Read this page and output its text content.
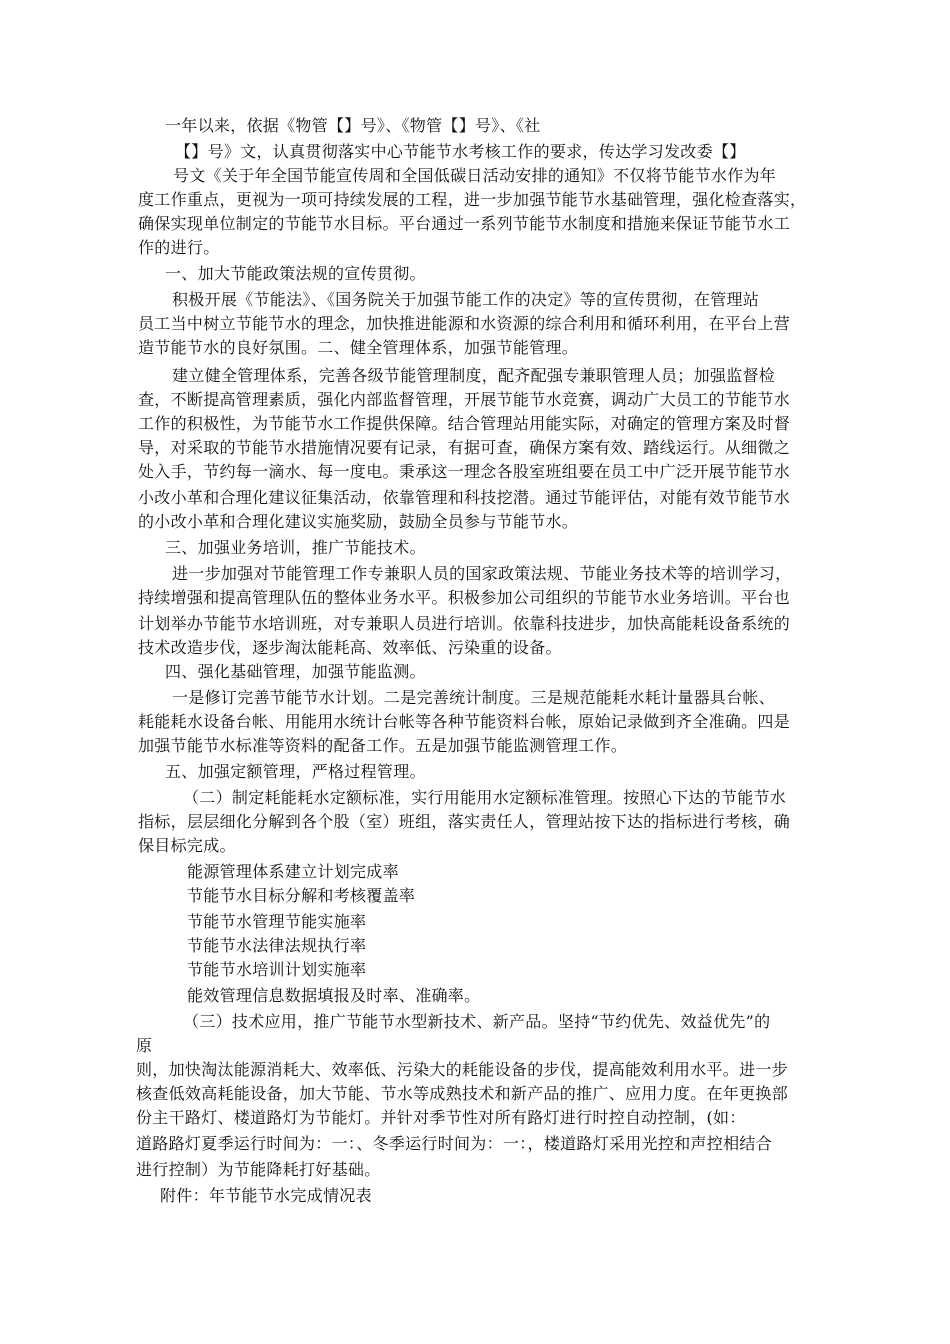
一年以来，依据《物管【】号》、《物管【】号》、《社
【】号》文，认真贯彻落实中心节能节水考核工作的要求，传达学习发改委【】
号文《关于年全国节能宣传周和全国低碳日活动安排的通知》不仅将节能节水作为年
度工作重点，更视为一项可持续发展的工程，进一步加强节能节水基础管理，强化检查落实，
确保实现单位制定的节能节水目标。平台通过一系列节能节水制度和措施来保证节能节水工
作的进行。
一、加大节能政策法规的宣传贯彻。
积极开展《节能法》、《国务院关于加强节能工作的决定》等的宣传贯彻，在管理站
员工当中树立节能节水的理念，加快推进能源和水资源的综合利用和循环利用，在平台上营
造节能节水的良好氛围。二、健全管理体系，加强节能管理。
建立健全管理体系，完善各级节能管理制度，配齐配强专兼职管理人员；加强监督检
查，不断提高管理素质，强化内部监督管理，开展节能节水竞赛，调动广大员工的节能节水
工作的积极性，为节能节水工作提供保障。结合管理站用能实际，对确定的管理方案及时督
导，对采取的节能节水措施情况要有记录，有据可查，确保方案有效、踏线运行。从细微之
处入手，节约每一滴水、每一度电。秉承这一理念各股室班组要在员工中广泛开展节能节水
小改小革和合理化建议征集活动，依靠管理和科技挖潜。通过节能评估，对能有效节能节水
的小改小革和合理化建议实施奖励，鼓励全员参与节能节水。
三、加强业务培训，推广节能技术。
进一步加强对节能管理工作专兼职人员的国家政策法规、节能业务技术等的培训学习，
持续增强和提高管理队伍的整体业务水平。积极参加公司组织的节能节水业务培训。平台也
计划举办节能节水培训班，对专兼职人员进行培训。依靠科技进步，加快高能耗设备系统的
技术改造步伐，逐步淘汰能耗高、效率低、污染重的设备。
四、强化基础管理，加强节能监测。
一是修订完善节能节水计划。二是完善统计制度。三是规范能耗水耗计量器具台帐、
耗能耗水设备台帐、用能用水统计台帐等各种节能资料台帐，原始记录做到齐全准确。四是
加强节能节水标准等资料的配备工作。五是加强节能监测管理工作。
五、加强定额管理，严格过程管理。
（二）制定耗能耗水定额标准，实行用能用水定额标准管理。按照心下达的节能节水
指标，层层细化分解到各个股（室）班组，落实责任人，管理站按下达的指标进行考核，确
保目标完成。
能源管理体系建立计划完成率
节能节水目标分解和考核覆盖率
节能节水管理节能实施率
节能节水法律法规执行率
节能节水培训计划实施率
能效管理信息数据填报及时率、准确率。
（三）技术应用，推广节能节水型新技术、新产品。坚持“节约优先、效益优先”的
原
则，加快淘汰能源消耗大、效率低、污染大的耗能设备的步伐，提高能效利用水平。进一步
核查低效高耗能设备，加大节能、节水等成熟技术和新产品的推广、应用力度。在年更换部
份主干路灯、楼道路灯为节能灯。并针对季节性对所有路灯进行时控自动控制，(如：
道路路灯夏季运行时间为：一：、冬季运行时间为：一：，楼道路灯采用光控和声控相结合
进行控制）为节能降耗打好基础。
附件：年节能节水完成情况表
